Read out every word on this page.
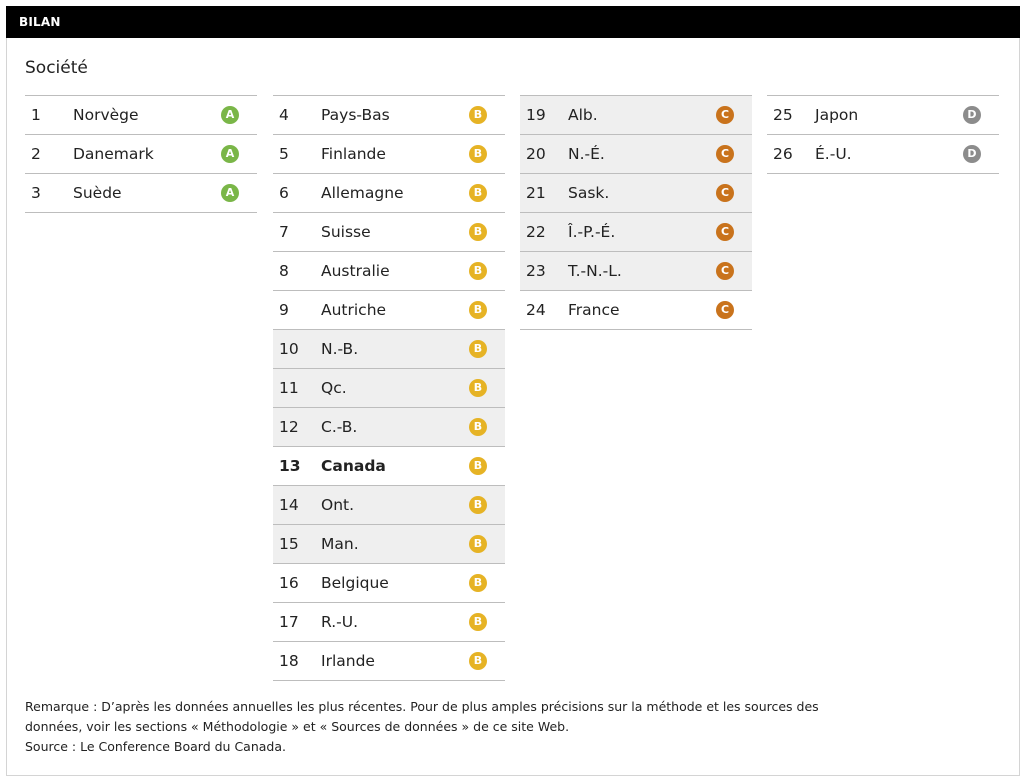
BILAN
Société
1 Norvège	A
2 Danemark	A
3 Suède	A
4 Pays-Bas	B
5 Finlande	B
6 Allemagne	B
7 Suisse	B
8 Australie	B
9 Autriche	B
10 N.-B.	B
11 Qc.	B
12 C.-B.	B
13 Canada	B
14 Ont.	B
15 Man.	B
16 Belgique	B
17 R.-U.	B
18 Irlande	B
19 Alb.	C
20 N.-É.	C
21 Sask.	C
22 Î.-P.-É.	C
23 T.-N.-L.	C
24 France	C
25 Japon	D
26 É.-U.	D
Remarque : D’après les données annuelles les plus récentes. Pour de plus amples précisions sur la méthode et les sources des
données, voir les sections « Méthodologie » et « Sources de données » de ce site Web.
Source : Le Conference Board du Canada.
